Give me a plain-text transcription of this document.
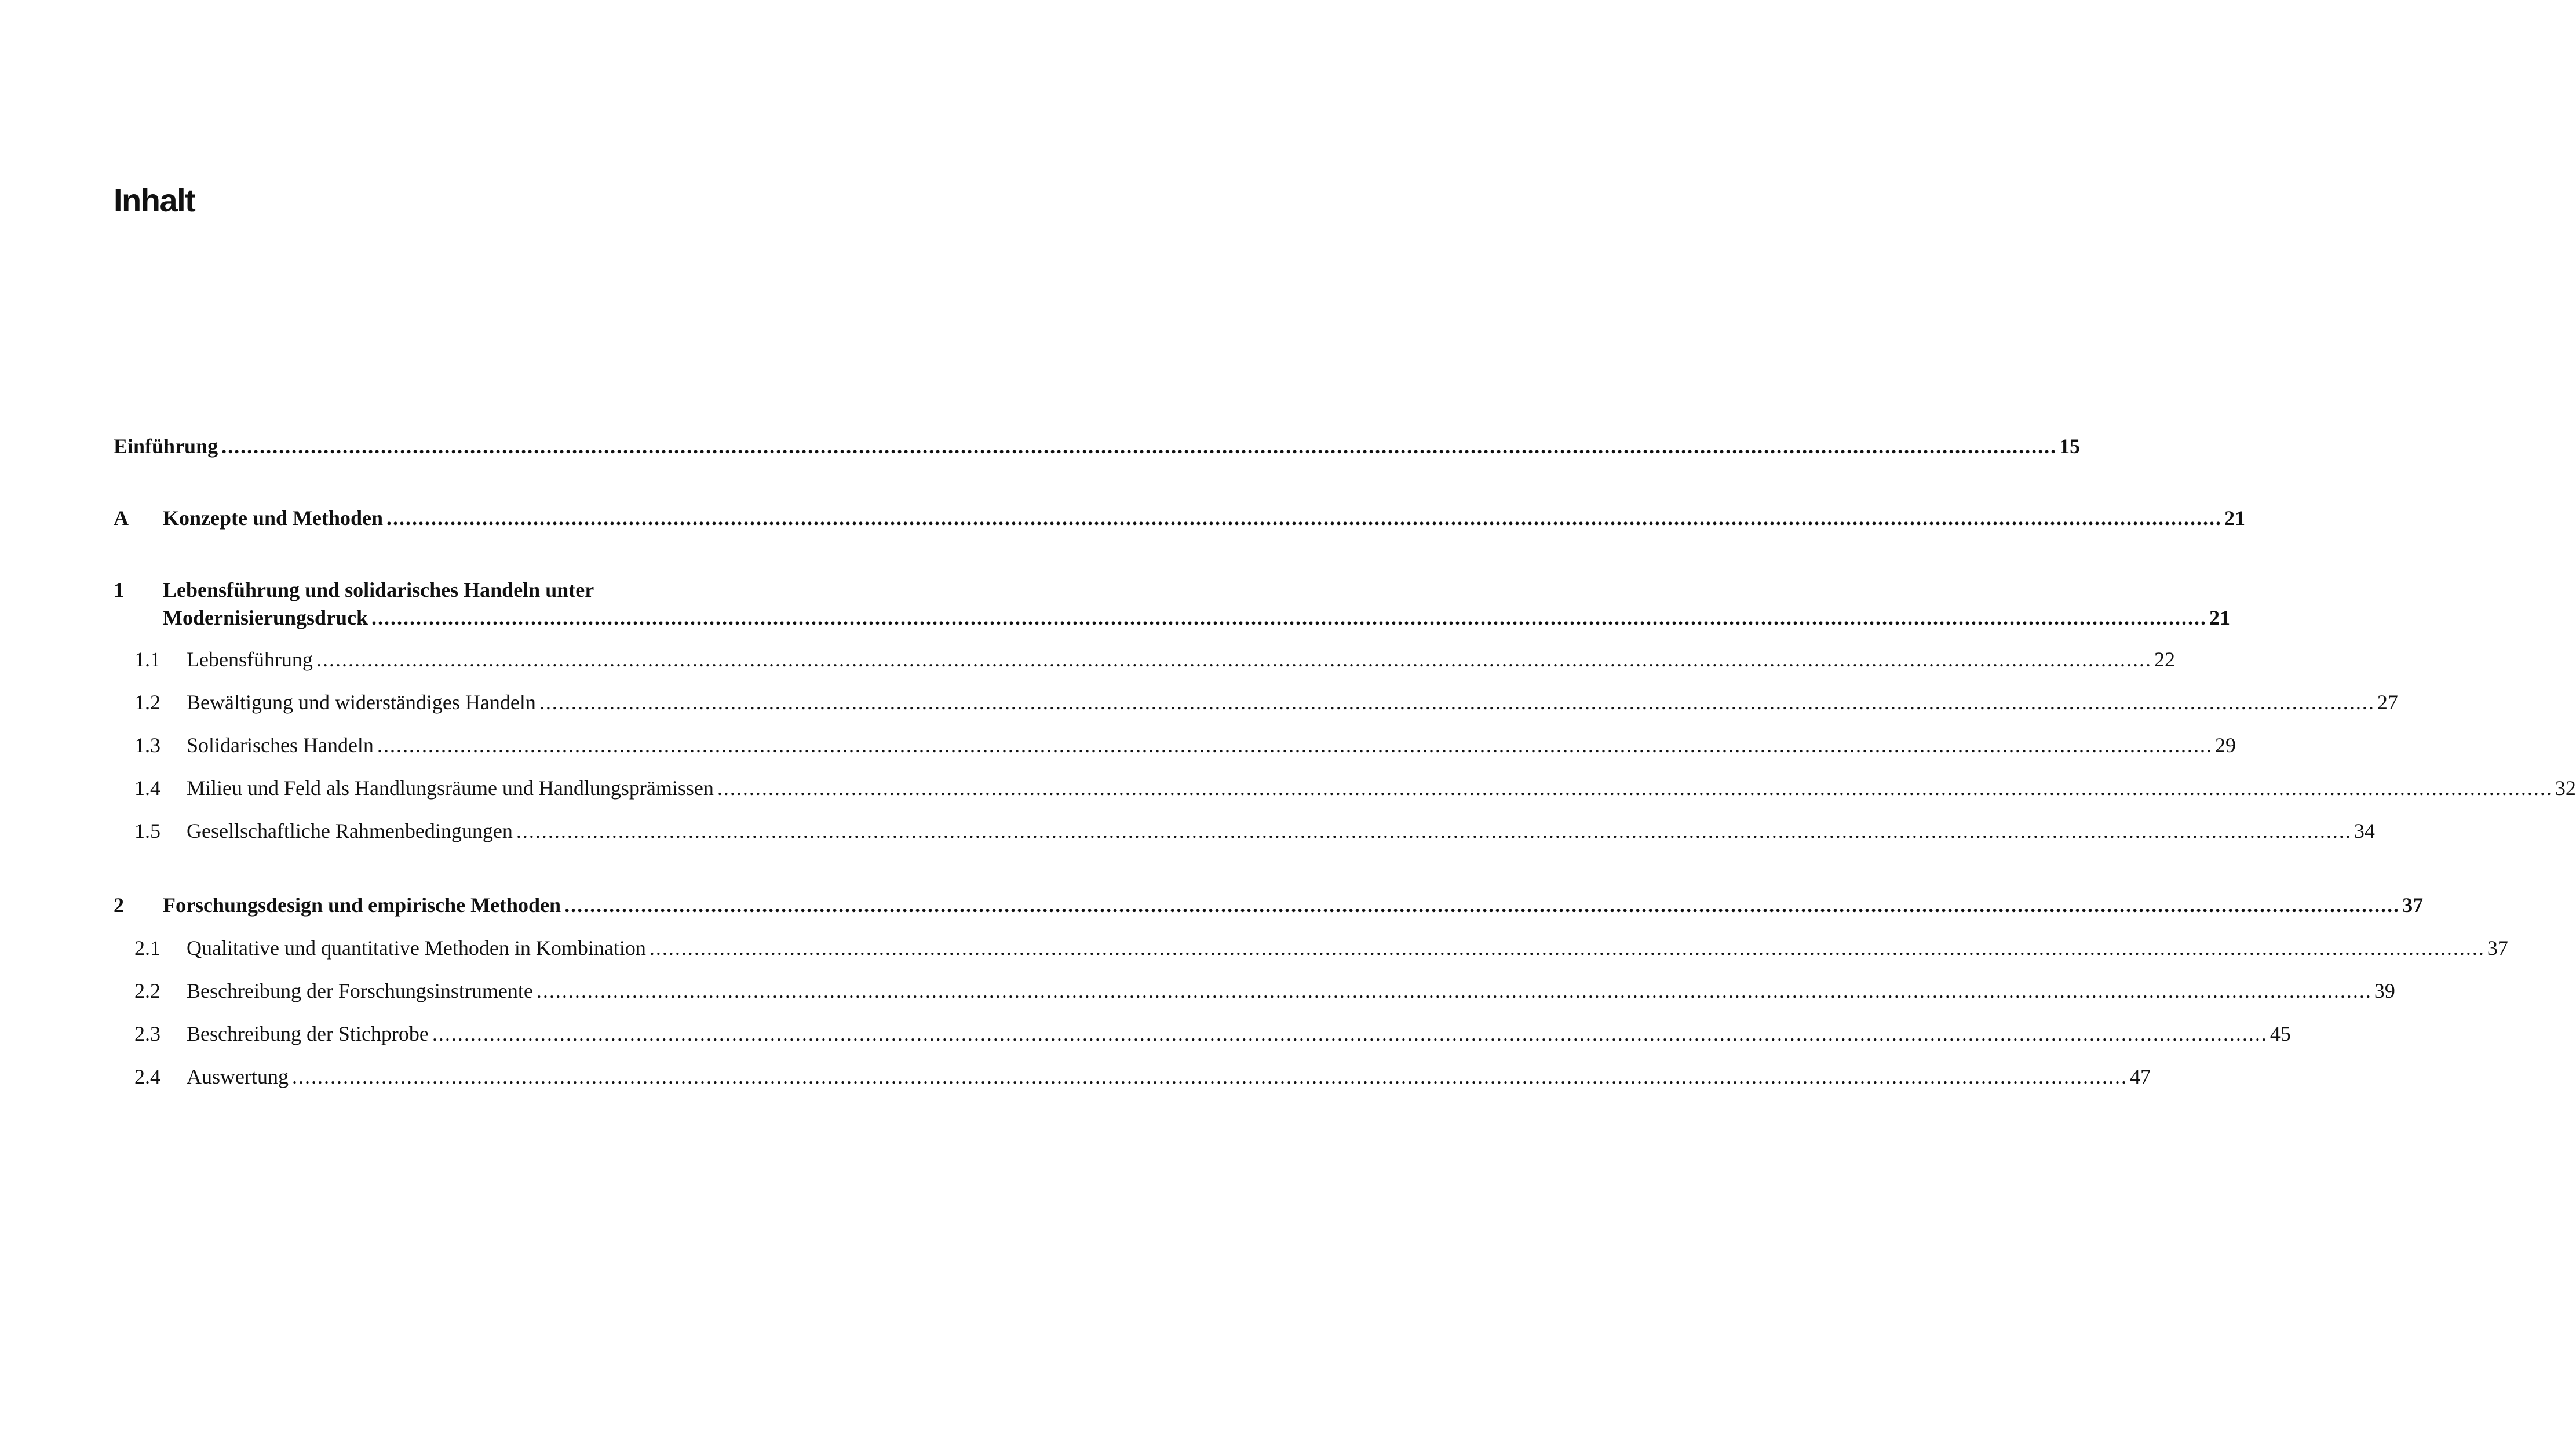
Inhalt
Einführung ................................................................................................................................................................................................................................................................................................ 15
A Konzepte und Methoden ................................................................................................................................................................................................................................................................................................ 21
1 Lebensführung und solidarisches Handeln unter
Modernisierungsdruck ................................................................................................................................................................................................................................................................................................ 21
1.1 Lebensführung ................................................................................................................................................................................................................................................................................................ 22
1.2 Bewältigung und widerständiges Handeln ................................................................................................................................................................................................................................................................................................ 27
1.3 Solidarisches Handeln ................................................................................................................................................................................................................................................................................................ 29
1.4 Milieu und Feld als Handlungsräume und Handlungsprämissen ................................................................................................................................................................................................................................................................................................ 32
1.5 Gesellschaftliche Rahmenbedingungen ................................................................................................................................................................................................................................................................................................ 34
2 Forschungsdesign und empirische Methoden ................................................................................................................................................................................................................................................................................................ 37
2.1 Qualitative und quantitative Methoden in Kombination ................................................................................................................................................................................................................................................................................................ 37
2.2 Beschreibung der Forschungsinstrumente ................................................................................................................................................................................................................................................................................................ 39
2.3 Beschreibung der Stichprobe ................................................................................................................................................................................................................................................................................................ 45
2.4 Auswertung ................................................................................................................................................................................................................................................................................................ 47
